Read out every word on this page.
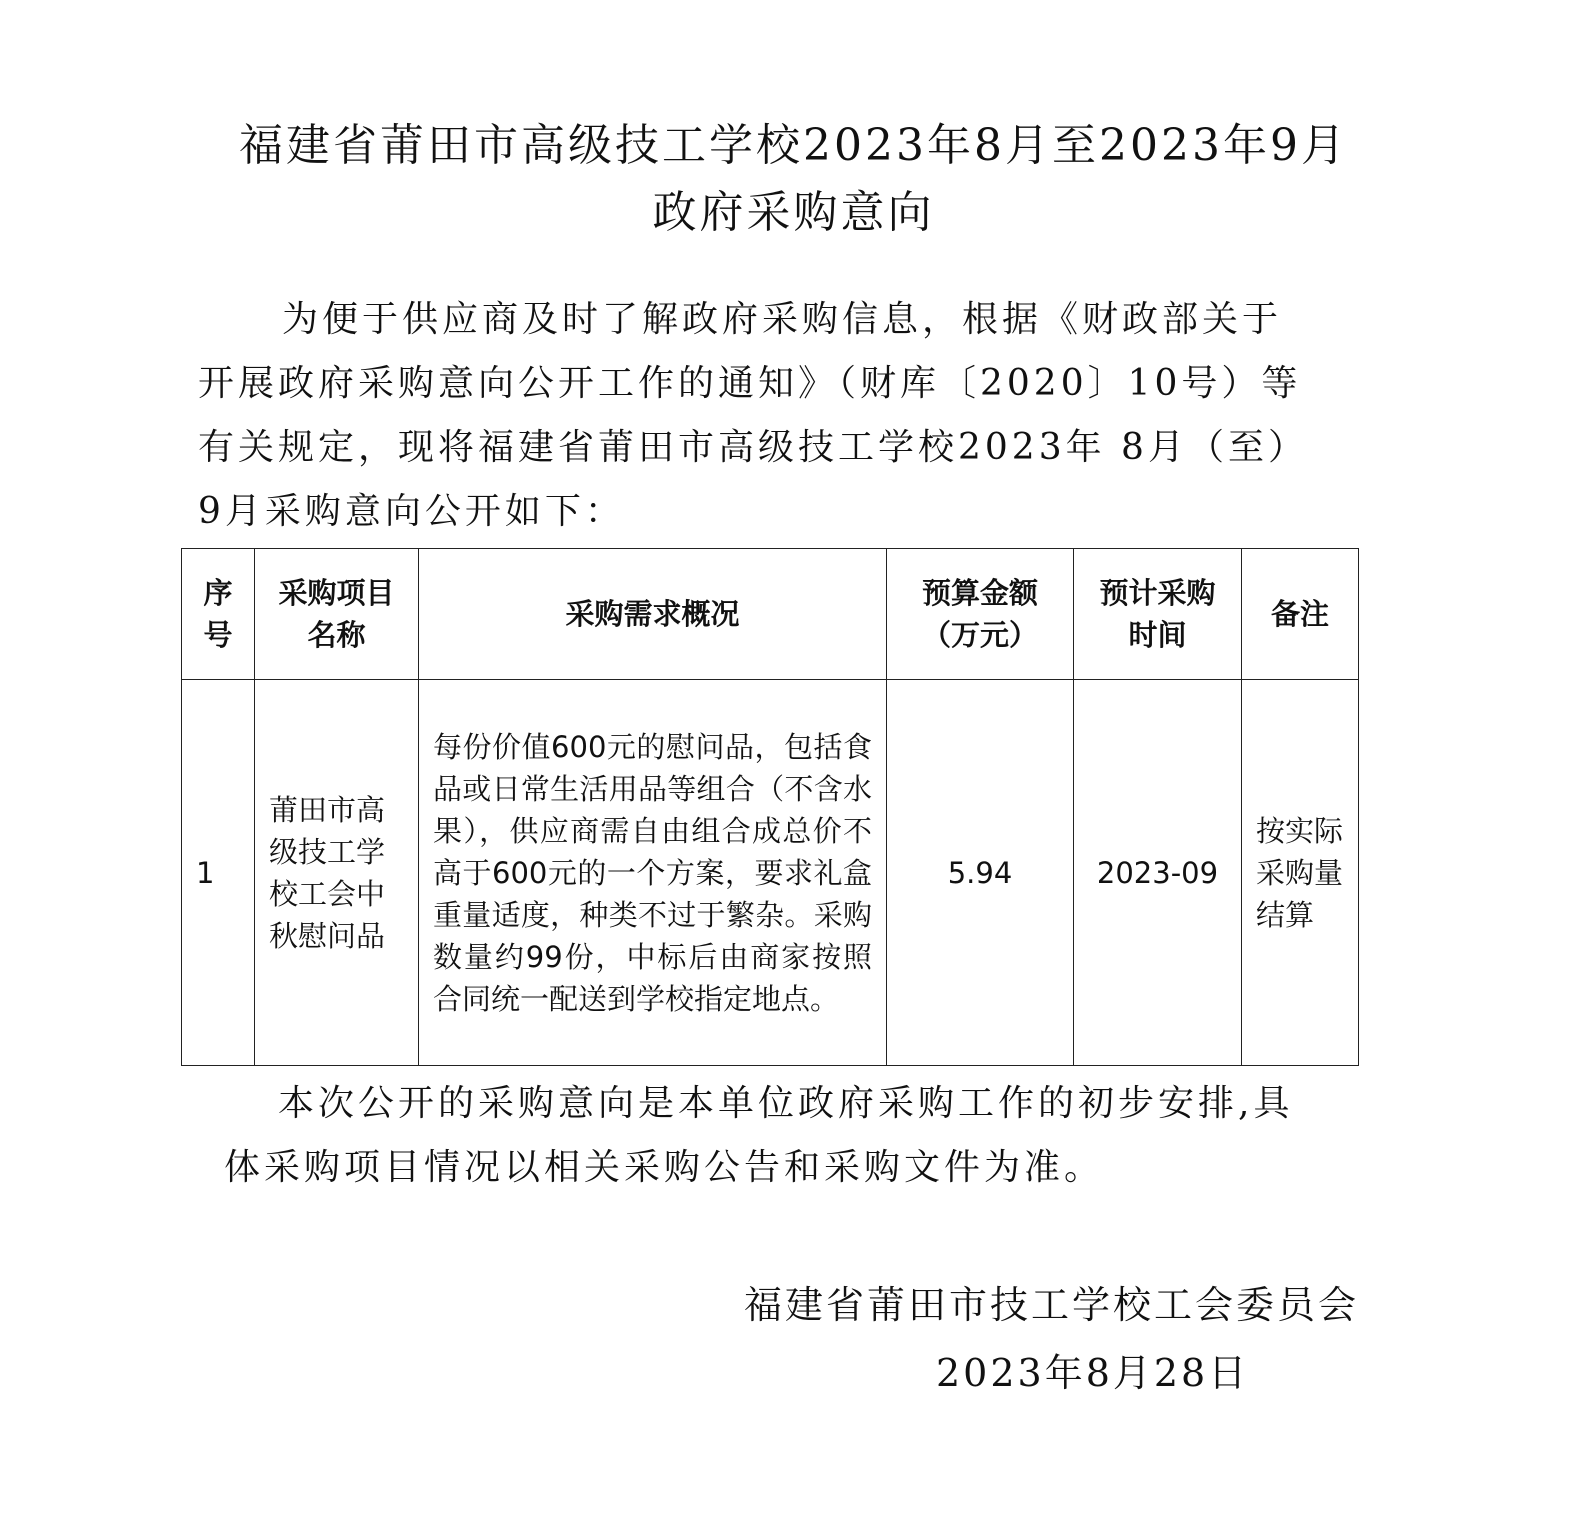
福建省莆田市高级技工学校2023年8月至2023年9月
政府采购意向
为便于供应商及时了解政府采购信息，根据《财政部关于
开展政府采购意向公开工作的通知》（财库〔2020〕10号）等
有关规定，现将福建省莆田市高级技工学校2023年 8月（至）
9月采购意向公开如下：
序号	采购项目名称	采购需求概况	预算金额（万元）	预计采购时间	备注
1	莆田市高级技工学校工会中秋慰问品	每份价值600元的慰问品，包括食品或日常生活用品等组合（不含水果），供应商需自由组合成总价不高于600元的一个方案，要求礼盒重量适度，种类不过于繁杂。采购数量约99份，中标后由商家按照合同统一配送到学校指定地点。	5.94	2023-09	按实际采购量结算
本次公开的采购意向是本单位政府采购工作的初步安排,具
体采购项目情况以相关采购公告和采购文件为准。
福建省莆田市技工学校工会委员会
2023年8月28日
